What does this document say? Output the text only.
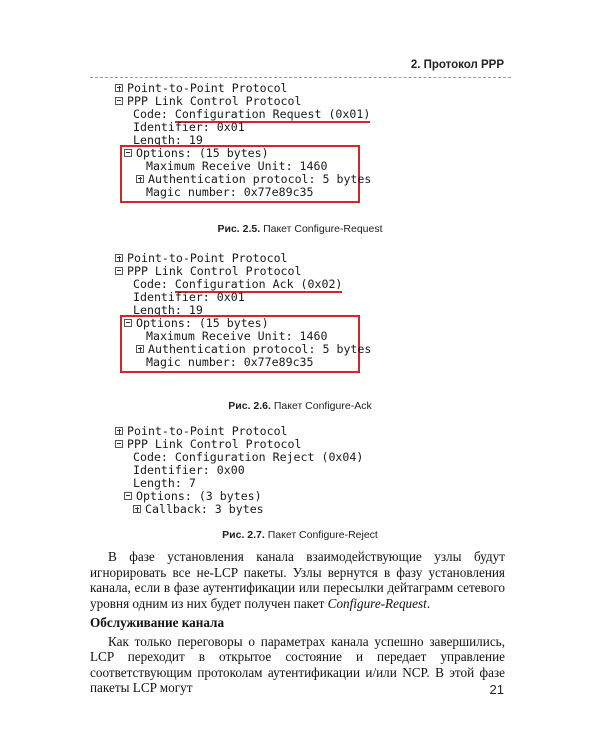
2. Протокол PPP
Point-to-Point Protocol
PPP Link Control Protocol
Code: Configuration Request (0x01)
Identifier: 0x01
Length: 19
Options: (15 bytes)
Maximum Receive Unit: 1460
Authentication protocol: 5 bytes
Magic number: 0x77e89c35
Рис. 2.5. Пакет Configure-Request
Point-to-Point Protocol
PPP Link Control Protocol
Code: Configuration Ack (0x02)
Identifier: 0x01
Length: 19
Options: (15 bytes)
Maximum Receive Unit: 1460
Authentication protocol: 5 bytes
Magic number: 0x77e89c35
Рис. 2.6. Пакет Configure-Ack
Point-to-Point Protocol
PPP Link Control Protocol
Code: Configuration Reject (0x04)
Identifier: 0x00
Length: 7
Options: (3 bytes)
Callback: 3 bytes
Рис. 2.7. Пакет Configure-Reject

В фазе установления канала взаимодействующие узлы будут игнорировать все не-LCP пакеты. Узлы вернутся в фазу установления канала, если в фазе аутентификации или пересылки дейтаграмм сетевого уровня одним из них будет получен пакет Configure-Request.

Обслуживание канала

Как только переговоры о параметрах канала успешно завершились, LCP переходит в открытое состояние и передает управление соответствующим протоколам аутентификации и/или NCP. В этой фазе пакеты LCP могут	21
